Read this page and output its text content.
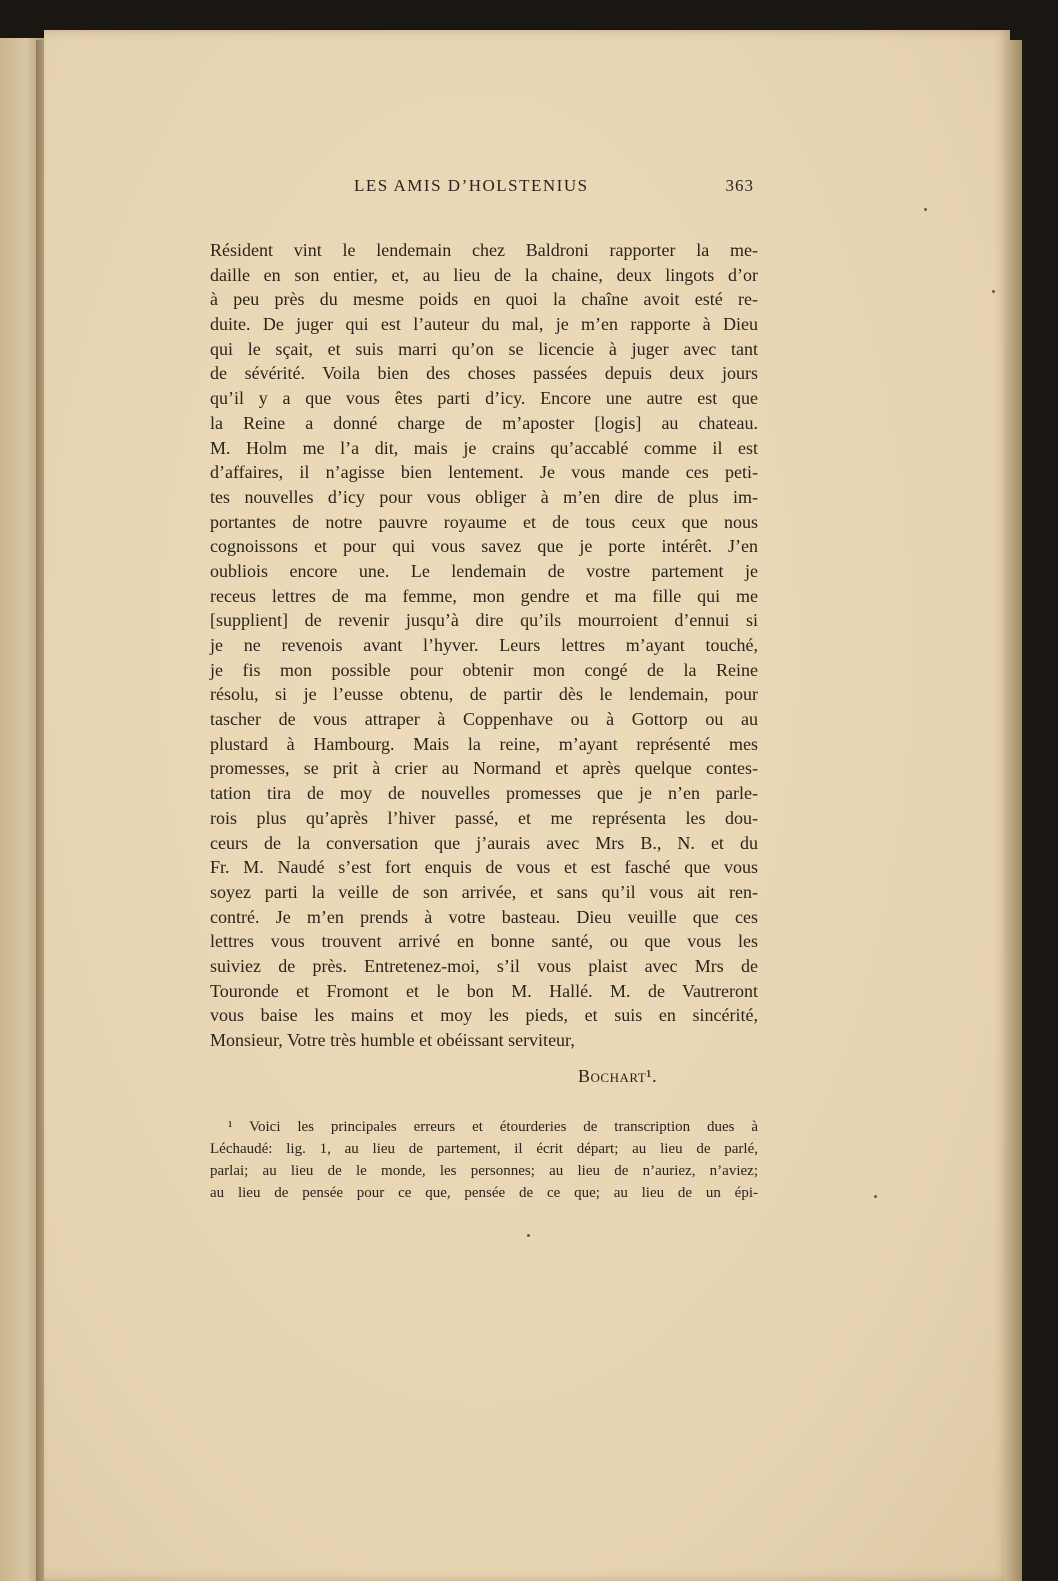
LES AMIS D’HOLSTENIUS	363
Résident vint le lendemain chez Baldroni rapporter la me-
daille en son entier, et, au lieu de la chaine, deux lingots d’or
à peu près du mesme poids en quoi la chaîne avoit esté re-
duite. De juger qui est l’auteur du mal, je m’en rapporte à Dieu
qui le sçait, et suis marri qu’on se licencie à juger avec tant
de sévérité. Voila bien des choses passées depuis deux jours
qu’il y a que vous êtes parti d’icy. Encore une autre est que
la Reine a donné charge de m’aposter [logis] au chateau.
M. Holm me l’a dit, mais je crains qu’accablé comme il est
d’affaires, il n’agisse bien lentement. Je vous mande ces peti-
tes nouvelles d’icy pour vous obliger à m’en dire de plus im-
portantes de notre pauvre royaume et de tous ceux que nous
cognoissons et pour qui vous savez que je porte intérêt. J’en
oubliois encore une. Le lendemain de vostre partement je
receus lettres de ma femme, mon gendre et ma fille qui me
[supplient] de revenir jusqu’à dire qu’ils mourroient d’ennui si
je ne revenois avant l’hyver. Leurs lettres m’ayant touché,
je fis mon possible pour obtenir mon congé de la Reine
résolu, si je l’eusse obtenu, de partir dès le lendemain, pour
tascher de vous attraper à Coppenhave ou à Gottorp ou au
plustard à Hambourg. Mais la reine, m’ayant représenté mes
promesses, se prit à crier au Normand et après quelque contes-
tation tira de moy de nouvelles promesses que je n’en parle-
rois plus qu’après l’hiver passé, et me représenta les dou-
ceurs de la conversation que j’aurais avec Mrs B., N. et du
Fr. M. Naudé s’est fort enquis de vous et est fasché que vous
soyez parti la veille de son arrivée, et sans qu’il vous ait ren-
contré. Je m’en prends à votre basteau. Dieu veuille que ces
lettres vous trouvent arrivé en bonne santé, ou que vous les
suiviez de près. Entretenez-moi, s’il vous plaist avec Mrs de
Touronde et Fromont et le bon M. Hallé. M. de Vautreront
vous baise les mains et moy les pieds, et suis en sincérité,
Monsieur, Votre très humble et obéissant serviteur,
Bochart¹.
¹ Voici les principales erreurs et étourderies de transcription dues à
Léchaudé: lig. 1, au lieu de partement, il écrit départ; au lieu de parlé,
parlai; au lieu de le monde, les personnes; au lieu de n’auriez, n’aviez;
au lieu de pensée pour ce que, pensée de ce que; au lieu de un épi-
